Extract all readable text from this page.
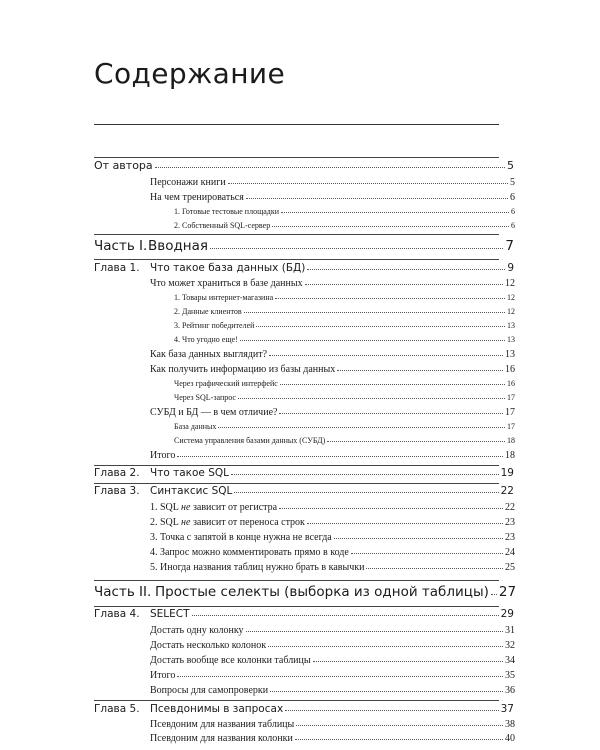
Содержание
От автора	5
Персонажи книги	5
На чем тренироваться	6
1. Готовые тестовые площадки	6
2. Собственный SQL-сервер	6
Часть I. Вводная	7
Глава 1. Что такое база данных (БД)	9
Что может храниться в базе данных	12
1. Товары интернет-магазина	12
2. Данные клиентов	12
3. Рейтинг победителей	13
4. Что угодно еще!	13
Как база данных выглядит?	13
Как получить информацию из базы данных	16
Через графический интерфейс	16
Через SQL-запрос	17
СУБД и БД — в чем отличие?	17
База данных	17
Система управления базами данных (СУБД)	18
Итого	18
Глава 2. Что такое SQL	19
Глава 3. Синтаксис SQL	22
1. SQL не зависит от регистра	22
2. SQL не зависит от переноса строк	23
3. Точка с запятой в конце нужна не всегда	23
4. Запрос можно комментировать прямо в коде	24
5. Иногда названия таблиц нужно брать в кавычки	25
Часть II. Простые селекты (выборка из одной таблицы) 27
Глава 4. SELECT	29
Достать одну колонку	31
Достать несколько колонок	32
Достать вообще все колонки таблицы	34
Итого	35
Вопросы для самопроверки	36
Глава 5. Псевдонимы в запросах	37
Псевдоним для названия таблицы	38
Псевдоним для названия колонки	40
